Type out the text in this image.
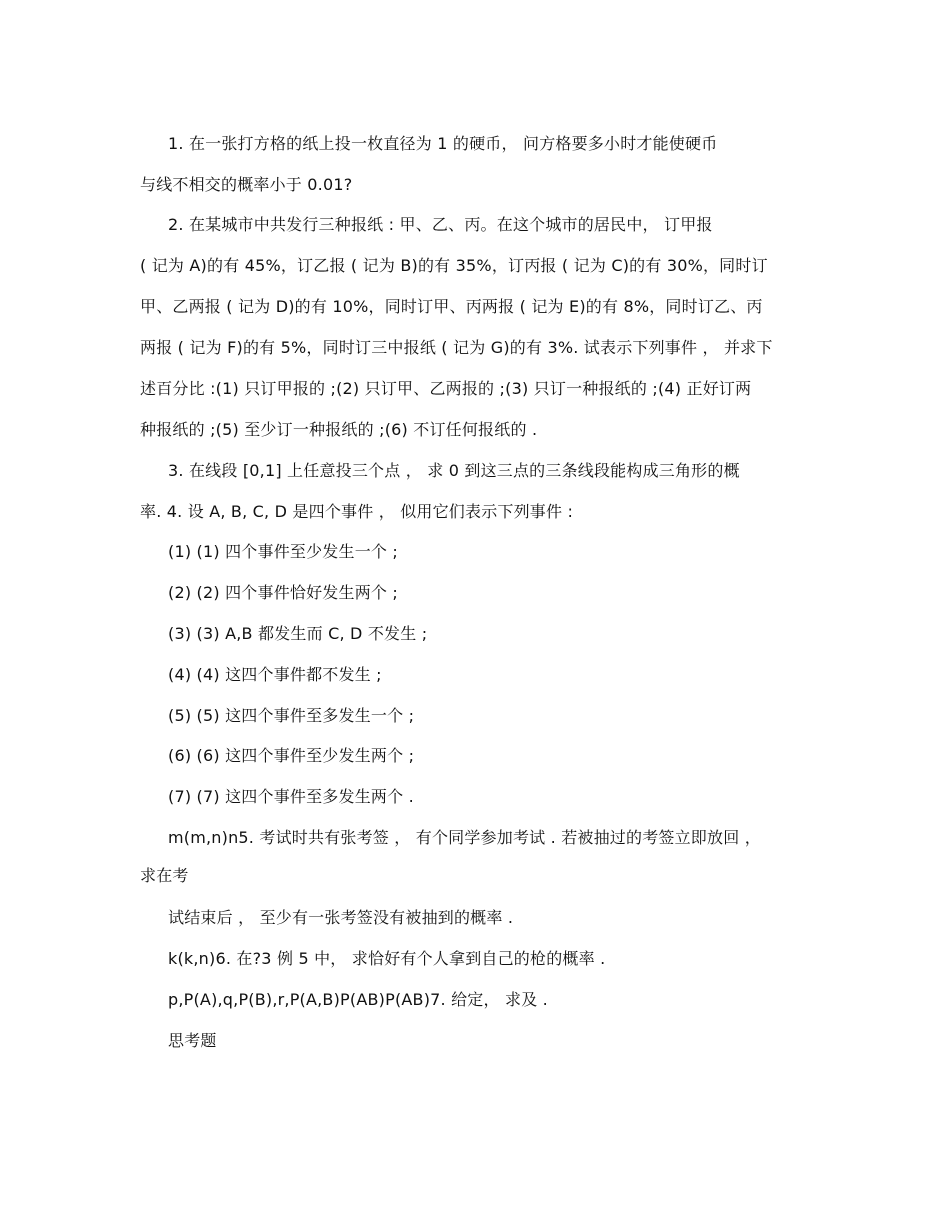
1. 在一张打方格的纸上投一枚直径为 1 的硬币， 问方格要多小时才能使硬币
与线不相交的概率小于 0.01?
2. 在某城市中共发行三种报纸 : 甲、乙、丙。在这个城市的居民中， 订甲报
( 记为 A)的有 45%，订乙报 ( 记为 B)的有 35%，订丙报 ( 记为 C)的有 30%，同时订
甲、乙两报 ( 记为 D)的有 10%，同时订甲、丙两报 ( 记为 E)的有 8%，同时订乙、丙
两报 ( 记为 F)的有 5%，同时订三中报纸 ( 记为 G)的有 3%. 试表示下列事件 ， 并求下
述百分比 :(1) 只订甲报的 ;(2) 只订甲、乙两报的 ;(3) 只订一种报纸的 ;(4) 正好订两
种报纸的 ;(5) 至少订一种报纸的 ;(6) 不订任何报纸的 .
3. 在线段 [0,1] 上任意投三个点 ， 求 0 到这三点的三条线段能构成三角形的概
率. 4. 设 A, B, C, D 是四个事件 ， 似用它们表示下列事件 :
(1) (1) 四个事件至少发生一个 ;
(2) (2) 四个事件恰好发生两个 ;
(3) (3) A,B 都发生而 C, D 不发生 ;
(4) (4) 这四个事件都不发生 ;
(5) (5) 这四个事件至多发生一个 ;
(6) (6) 这四个事件至少发生两个 ;
(7) (7) 这四个事件至多发生两个 .
m(m,n)n5. 考试时共有张考签 ， 有个同学参加考试 . 若被抽过的考签立即放回 ，
求在考
试结束后 ， 至少有一张考签没有被抽到的概率 .
k(k,n)6. 在?3 例 5 中， 求恰好有个人拿到自己的枪的概率 .
p,P(A),q,P(B),r,P(A,B)P(AB)P(AB)7. 给定， 求及 .
思考题
